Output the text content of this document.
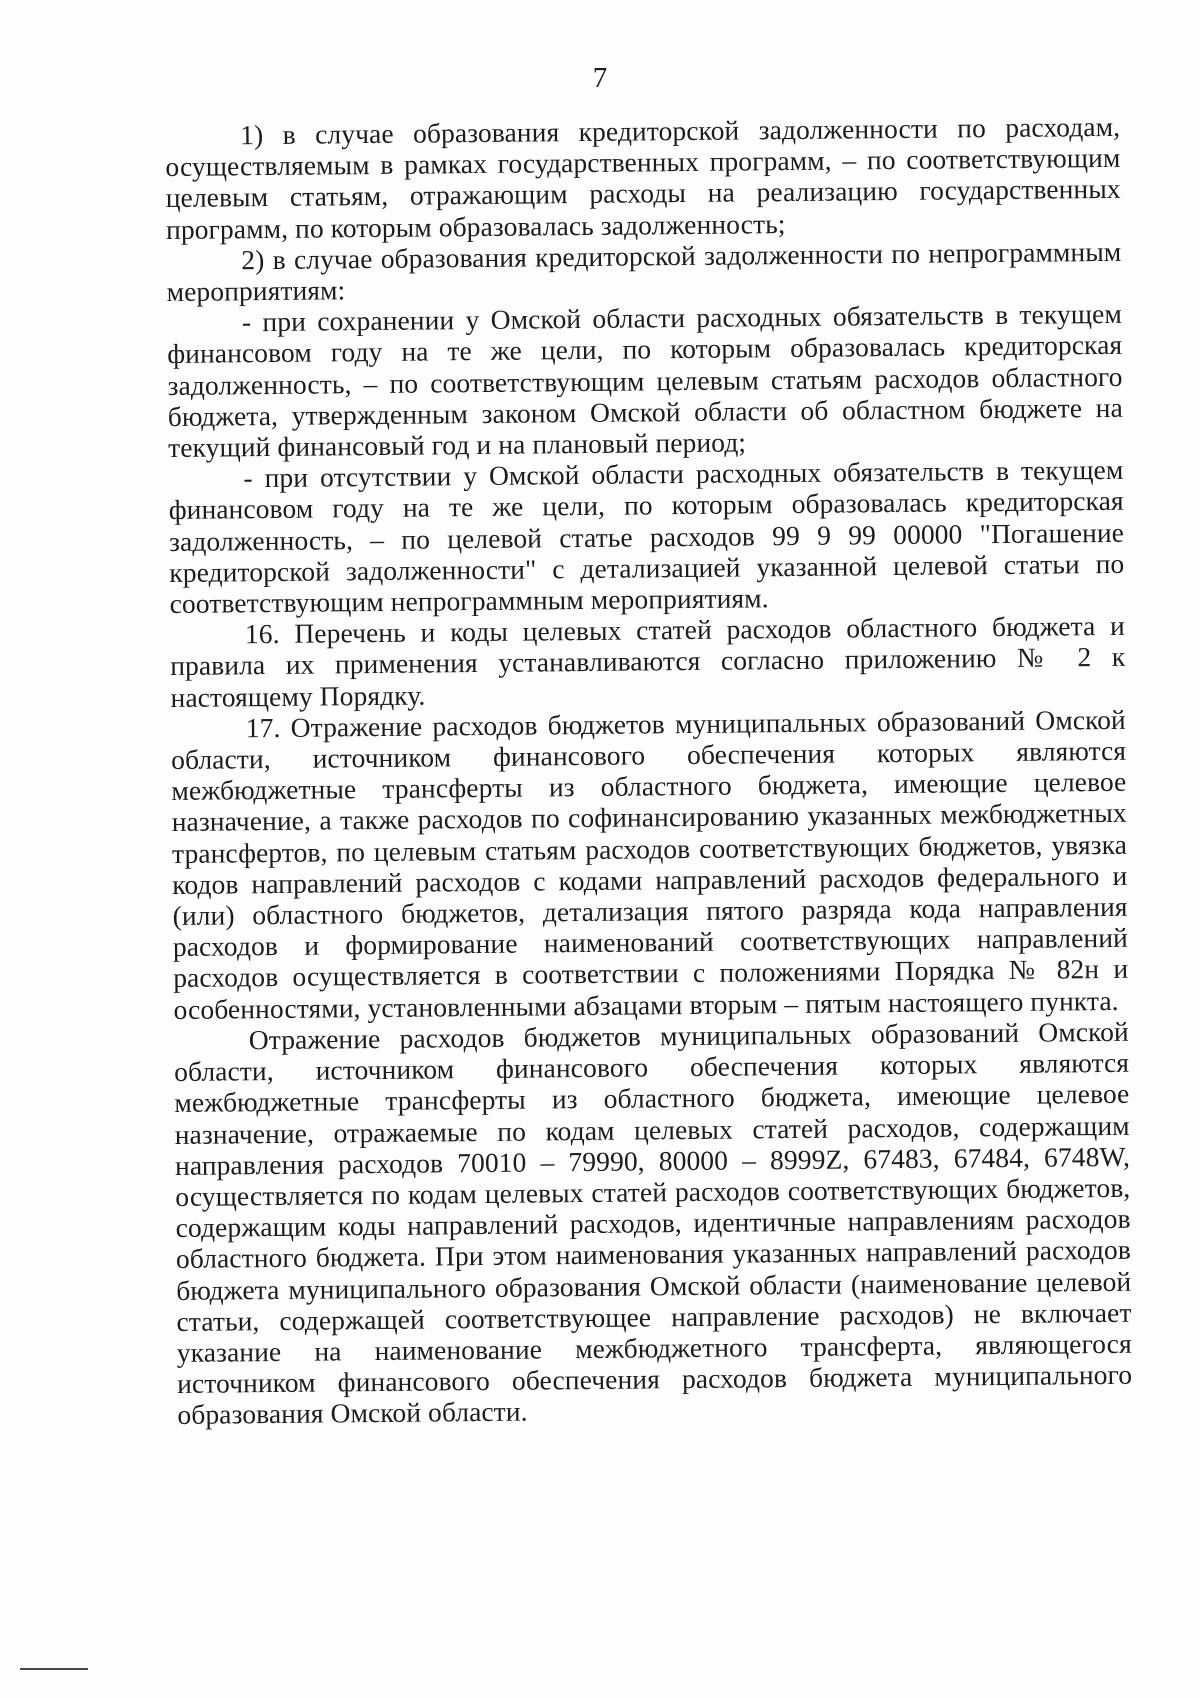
7

1) в случае образования кредиторской задолженности по расходам, осуществляемым в рамках государственных программ, – по соответствующим целевым статьям, отражающим расходы на реализацию государственных программ, по которым образовалась задолженность;

2) в случае образования кредиторской задолженности по непрограммным мероприятиям:

- при сохранении у Омской области расходных обязательств в текущем финансовом году на те же цели, по которым образовалась кредиторская задолженность, – по соответствующим целевым статьям расходов областного бюджета, утвержденным законом Омской области об областном бюджете на текущий финансовый год и на плановый период;

- при отсутствии у Омской области расходных обязательств в текущем финансовом году на те же цели, по которым образовалась кредиторская задолженность, – по целевой статье расходов 99 9 99 00000 "Погашение кредиторской задолженности" с детализацией указанной целевой статьи по соответствующим непрограммным мероприятиям.

16. Перечень и коды целевых статей расходов областного бюджета и правила их применения устанавливаются согласно приложению № 2 к настоящему Порядку.

17. Отражение расходов бюджетов муниципальных образований Омской области, источником финансового обеспечения которых являются межбюджетные трансферты из областного бюджета, имеющие целевое назначение, а также расходов по софинансированию указанных межбюджетных трансфертов, по целевым статьям расходов соответствующих бюджетов, увязка кодов направлений расходов с кодами направлений расходов федерального и (или) областного бюджетов, детализация пятого разряда кода направления расходов и формирование наименований соответствующих направлений расходов осуществляется в соответствии с положениями Порядка № 82н и особенностями, установленными абзацами вторым – пятым настоящего пункта.

Отражение расходов бюджетов муниципальных образований Омской области, источником финансового обеспечения которых являются межбюджетные трансферты из областного бюджета, имеющие целевое назначение, отражаемые по кодам целевых статей расходов, содержащим направления расходов 70010 – 79990, 80000 – 8999Z, 67483, 67484, 6748W, осуществляется по кодам целевых статей расходов соответствующих бюджетов, содержащим коды направлений расходов, идентичные направлениям расходов областного бюджета. При этом наименования указанных направлений расходов бюджета муниципального образования Омской области (наименование целевой статьи, содержащей соответствующее направление расходов) не включает указание на наименование межбюджетного трансферта, являющегося источником финансового обеспечения расходов бюджета муниципального образования Омской области.
